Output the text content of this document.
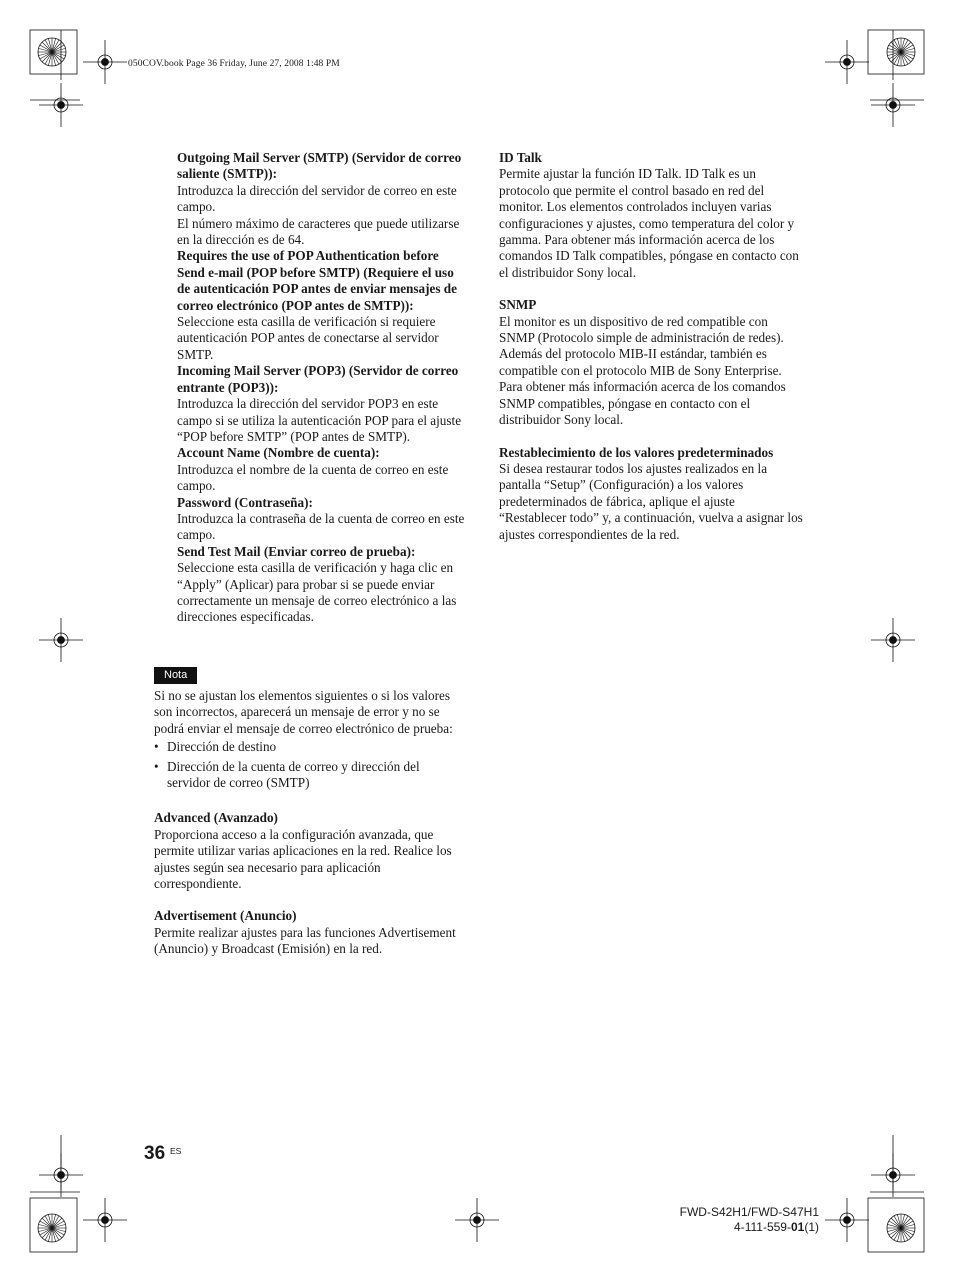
050COV.book Page 36 Friday, June 27, 2008 1:48 PM

Outgoing Mail Server (SMTP) (Servidor de correo saliente (SMTP)):

Introduzca la dirección del servidor de correo en este campo.

El número máximo de caracteres que puede utilizarse en la dirección es de 64.

Requires the use of POP Authentication before Send e-mail (POP before SMTP) (Requiere el uso de autenticación POP antes de enviar mensajes de correo electrónico (POP antes de SMTP)):

Seleccione esta casilla de verificación si requiere autenticación POP antes de conectarse al servidor SMTP.

Incoming Mail Server (POP3) (Servidor de correo entrante (POP3)):

Introduzca la dirección del servidor POP3 en este campo si se utiliza la autenticación POP para el ajuste “POP before SMTP” (POP antes de SMTP).

Account Name (Nombre de cuenta):

Introduzca el nombre de la cuenta de correo en este campo.

Password (Contraseña):

Introduzca la contraseña de la cuenta de correo en este campo.

Send Test Mail (Enviar correo de prueba):

Seleccione esta casilla de verificación y haga clic en “Apply” (Aplicar) para probar si se puede enviar correctamente un mensaje de correo electrónico a las direcciones especificadas.

Nota

Si no se ajustan los elementos siguientes o si los valores son incorrectos, aparecerá un mensaje de error y no se podrá enviar el mensaje de correo electrónico de prueba:

• Dirección de destino
• Dirección de la cuenta de correo y dirección del servidor de correo (SMTP)

Advanced (Avanzado)

Proporciona acceso a la configuración avanzada, que permite utilizar varias aplicaciones en la red. Realice los ajustes según sea necesario para aplicación correspondiente.

Advertisement (Anuncio)

Permite realizar ajustes para las funciones Advertisement (Anuncio) y Broadcast (Emisión) en la red.

ID Talk

Permite ajustar la función ID Talk. ID Talk es un protocolo que permite el control basado en red del monitor. Los elementos controlados incluyen varias configuraciones y ajustes, como temperatura del color y gamma. Para obtener más información acerca de los comandos ID Talk compatibles, póngase en contacto con el distribuidor Sony local.

SNMP

El monitor es un dispositivo de red compatible con SNMP (Protocolo simple de administración de redes). Además del protocolo MIB-II estándar, también es compatible con el protocolo MIB de Sony Enterprise. Para obtener más información acerca de los comandos SNMP compatibles, póngase en contacto con el distribuidor Sony local.

Restablecimiento de los valores predeterminados

Si desea restaurar todos los ajustes realizados en la pantalla “Setup” (Configuración) a los valores predeterminados de fábrica, aplique el ajuste “Restablecer todo” y, a continuación, vuelva a asignar los ajustes correspondientes de la red.

36 ES
FWD-S42H1/FWD-S47H1
4-111-559-01(1)
